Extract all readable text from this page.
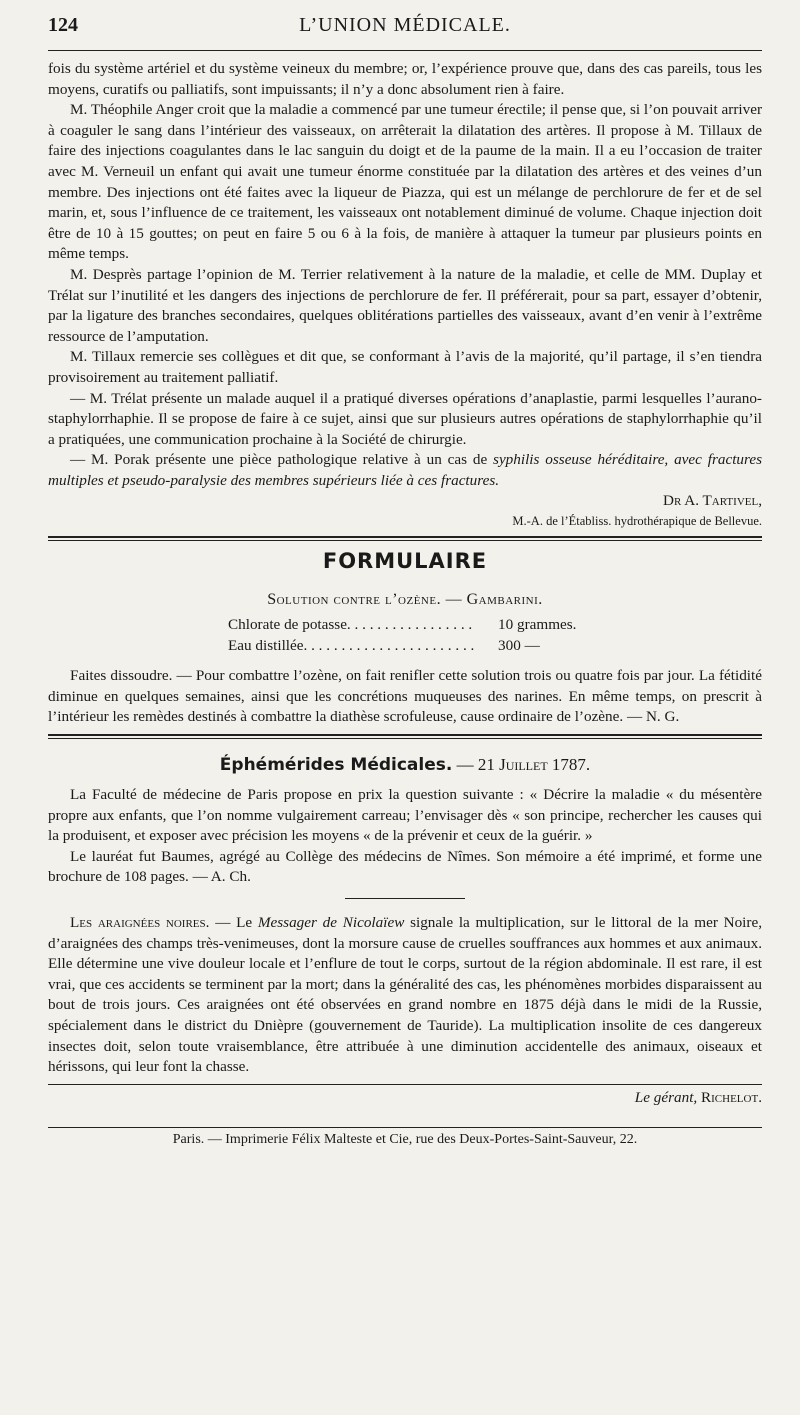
124	L’UNION MÉDICALE.

fois du système artériel et du système veineux du membre; or, l’expérience prouve que, dans des cas pareils, tous les moyens, curatifs ou palliatifs, sont impuissants; il n’y a donc absolument rien à faire.

M. Théophile Anger croit que la maladie a commencé par une tumeur érectile; il pense que, si l’on pouvait arriver à coaguler le sang dans l’intérieur des vaisseaux, on arrêterait la dilatation des artères. Il propose à M. Tillaux de faire des injections coagulantes dans le lac sanguin du doigt et de la paume de la main. Il a eu l’occasion de traiter avec M. Verneuil un enfant qui avait une tumeur énorme constituée par la dilatation des artères et des veines d’un membre. Des injections ont été faites avec la liqueur de Piazza, qui est un mélange de perchlorure de fer et de sel marin, et, sous l’influence de ce traitement, les vaisseaux ont notablement diminué de volume. Chaque injection doit être de 10 à 15 gouttes; on peut en faire 5 ou 6 à la fois, de manière à attaquer la tumeur par plusieurs points en même temps.

M. Desprès partage l’opinion de M. Terrier relativement à la nature de la maladie, et celle de MM. Duplay et Trélat sur l’inutilité et les dangers des injections de perchlorure de fer. Il préférerait, pour sa part, essayer d’obtenir, par la ligature des branches secondaires, quelques oblitérations partielles des vaisseaux, avant d’en venir à l’extrême ressource de l’amputation.

M. Tillaux remercie ses collègues et dit que, se conformant à l’avis de la majorité, qu’il partage, il s’en tiendra provisoirement au traitement palliatif.

— M. Trélat présente un malade auquel il a pratiqué diverses opérations d’anaplastie, parmi lesquelles l’aurano-staphylorrhaphie. Il se propose de faire à ce sujet, ainsi que sur plusieurs autres opérations de staphylorrhaphie qu’il a pratiquées, une communication prochaine à la Société de chirurgie.

— M. Porak présente une pièce pathologique relative à un cas de syphilis osseuse héréditaire, avec fractures multiples et pseudo-paralysie des membres supérieurs liée à ces fractures.

Dr A. Tartivel,

M.-A. de l’Établiss. hydrothérapique de Bellevue.

FORMULAIRE
Solution contre l’ozène. — Gambarini.
Chlorate de potasse. . . . . . . . . . . . . . . . .	10 grammes.
Eau distillée. . . . . . . . . . . . . . . . . . . . . . .	300 —

Faites dissoudre. — Pour combattre l’ozène, on fait renifler cette solution trois ou quatre fois par jour. La fétidité diminue en quelques semaines, ainsi que les concrétions muqueuses des narines. En même temps, on prescrit à l’intérieur les remèdes destinés à combattre la diathèse scrofuleuse, cause ordinaire de l’ozène. — N. G.

Éphémérides Médicales. — 21 Juillet 1787.

La Faculté de médecine de Paris propose en prix la question suivante : « Décrire la maladie « du mésentère propre aux enfants, que l’on nomme vulgairement carreau; l’envisager dès « son principe, rechercher les causes qui la produisent, et exposer avec précision les moyens « de la prévenir et ceux de la guérir. »

Le lauréat fut Baumes, agrégé au Collège des médecins de Nîmes. Son mémoire a été imprimé, et forme une brochure de 108 pages. — A. Ch.

Les araignées noires. — Le Messager de Nicolaïew signale la multiplication, sur le littoral de la mer Noire, d’araignées des champs très-venimeuses, dont la morsure cause de cruelles souffrances aux hommes et aux animaux. Elle détermine une vive douleur locale et l’enflure de tout le corps, surtout de la région abdominale. Il est rare, il est vrai, que ces accidents se terminent par la mort; dans la généralité des cas, les phénomènes morbides disparaissent au bout de trois jours. Ces araignées ont été observées en grand nombre en 1875 déjà dans le midi de la Russie, spécialement dans le district du Dnièpre (gouvernement de Tauride). La multiplication insolite de ces dangereux insectes doit, selon toute vraisemblance, être attribuée à une diminution accidentelle des animaux, oiseaux et hérissons, qui leur font la chasse.

Le gérant, Richelot.

Paris. — Imprimerie Félix Malteste et Cie, rue des Deux-Portes-Saint-Sauveur, 22.
